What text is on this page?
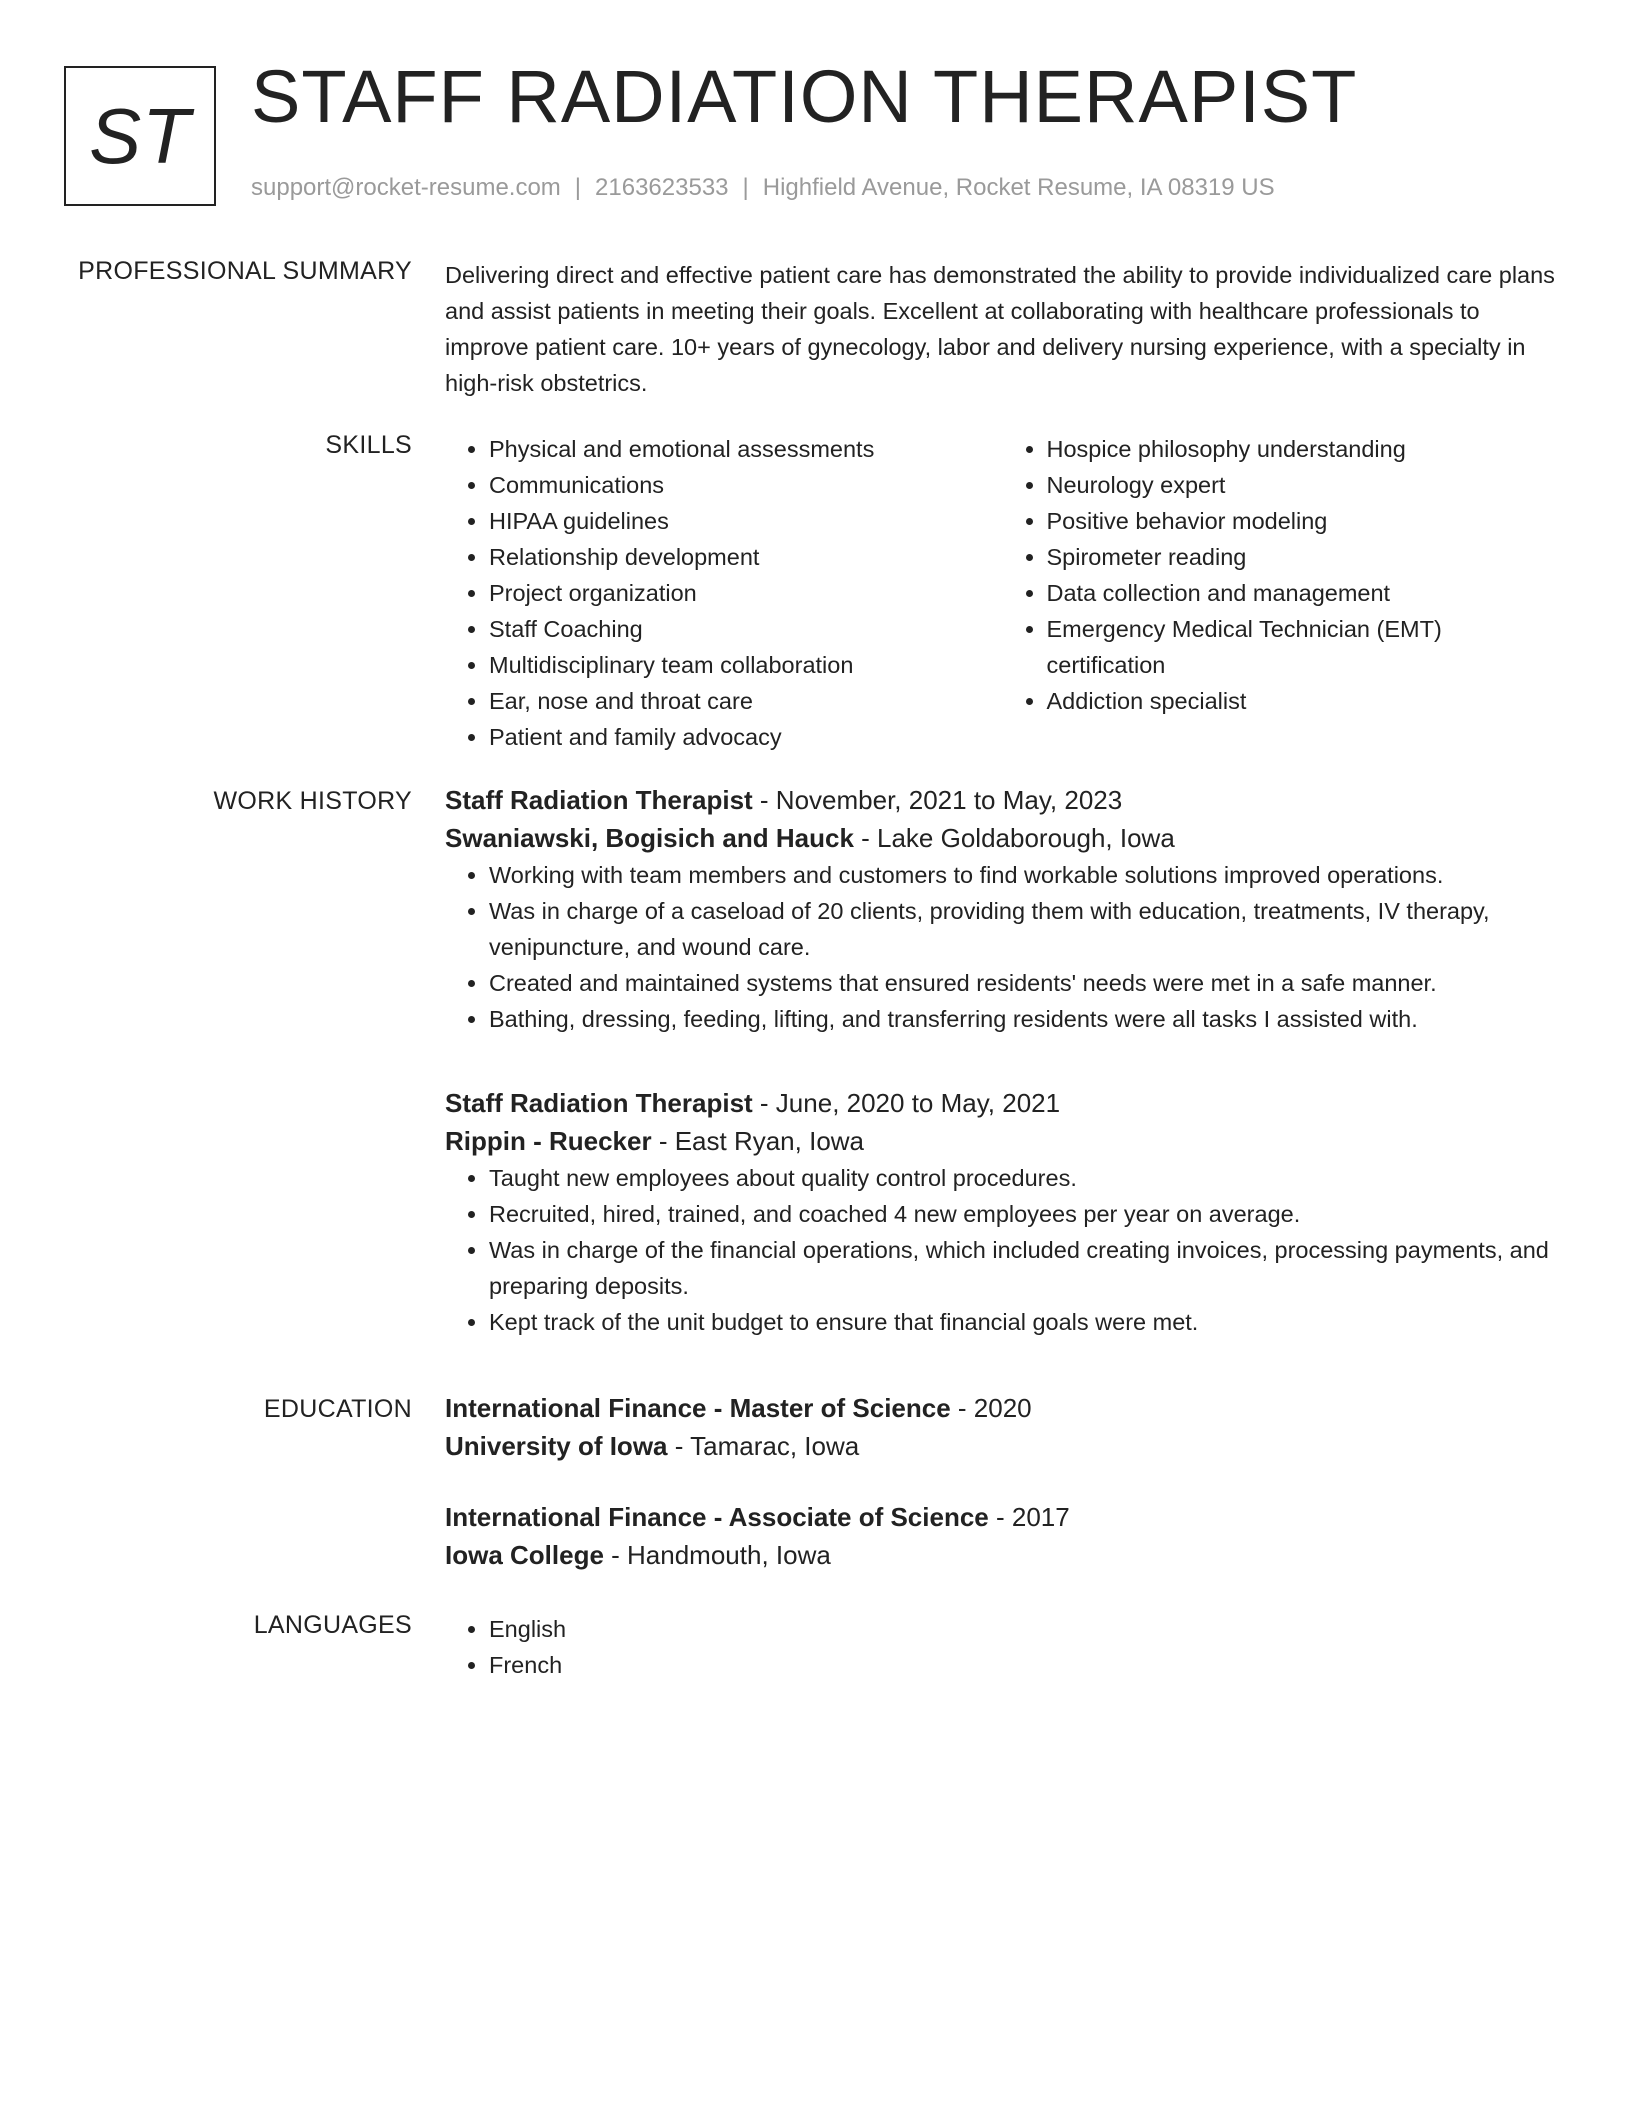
ST STAFF RADIATION THERAPIST
support@rocket-resume.com | 2163623533 | Highfield Avenue, Rocket Resume, IA 08319 US
PROFESSIONAL SUMMARY Delivering direct and effective patient care has demonstrated the ability to provide individualized care plans and assist patients in meeting their goals. Excellent at collaborating with healthcare professionals to improve patient care. 10+ years of gynecology, labor and delivery nursing experience, with a specialty in high-risk obstetrics.
SKILLS	• Physical and emotional assessments
• Communications
• HIPAA guidelines
• Relationship development
• Project organization
• Staff Coaching
• Multidisciplinary team collaboration
• Ear, nose and throat care
• Patient and family advocacy
• Hospice philosophy understanding
• Neurology expert
• Positive behavior modeling
• Spirometer reading
• Data collection and management
• Emergency Medical Technician (EMT) certification
• Addiction specialist
WORK HISTORY Staff Radiation Therapist - November, 2021 to May, 2023
Swaniawski, Bogisich and Hauck - Lake Goldaborough, Iowa
• Working with team members and customers to find workable solutions improved operations.
• Was in charge of a caseload of 20 clients, providing them with education, treatments, IV therapy, venipuncture, and wound care.
• Created and maintained systems that ensured residents' needs were met in a safe manner.
• Bathing, dressing, feeding, lifting, and transferring residents were all tasks I assisted with.
Staff Radiation Therapist - June, 2020 to May, 2021
Rippin - Ruecker - East Ryan, Iowa
• Taught new employees about quality control procedures.
• Recruited, hired, trained, and coached 4 new employees per year on average.
• Was in charge of the financial operations, which included creating invoices, processing payments, and preparing deposits.
• Kept track of the unit budget to ensure that financial goals were met.
EDUCATION International Finance - Master of Science - 2020
University of Iowa - Tamarac, Iowa
International Finance - Associate of Science - 2017
Iowa College - Handmouth, Iowa
LANGUAGES	• English
• French
